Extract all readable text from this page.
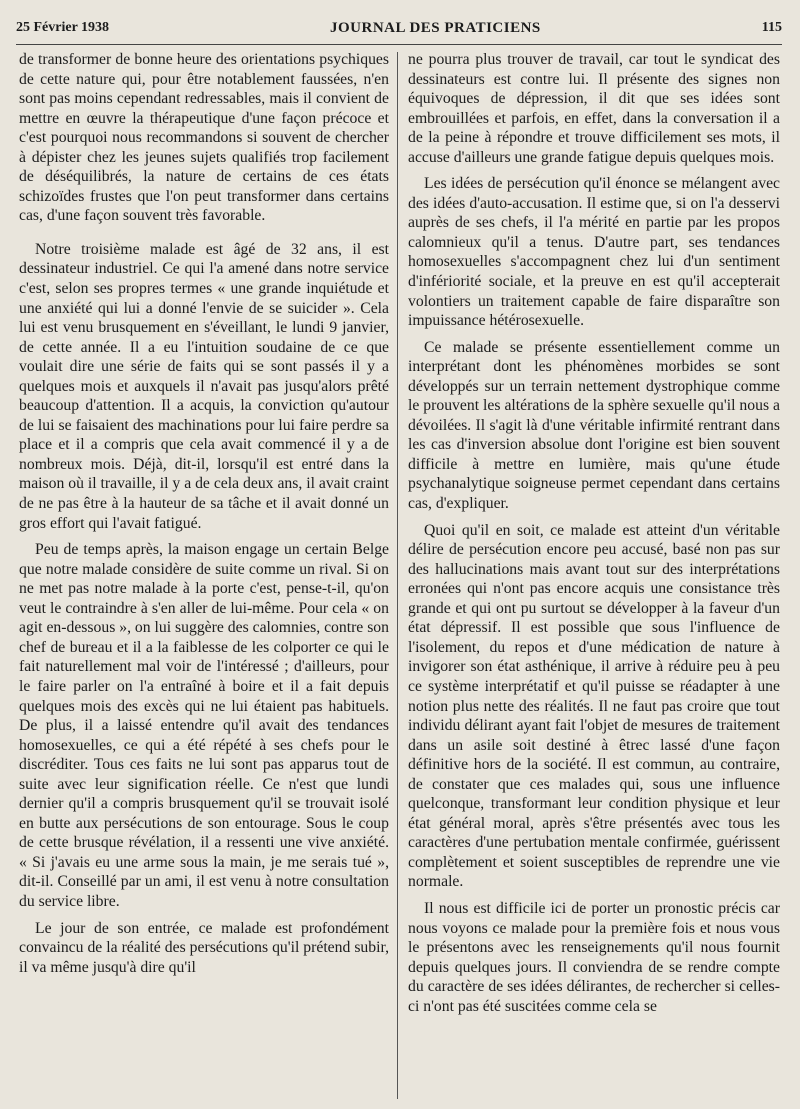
25 Février 1938	JOURNAL DES PRATICIENS	115

de transformer de bonne heure des orientations psychiques de cette nature qui, pour être notablement faussées, n'en sont pas moins cependant redressables, mais il convient de mettre en œuvre la thérapeutique d'une façon précoce et c'est pourquoi nous recommandons si souvent de chercher à dépister chez les jeunes sujets qualifiés trop facilement de déséquilibrés, la nature de certains de ces états schizoïdes frustes que l'on peut transformer dans certains cas, d'une façon souvent très favorable.

Notre troisième malade est âgé de 32 ans, il est dessinateur industriel. Ce qui l'a amené dans notre service c'est, selon ses propres termes « une grande inquiétude et une anxiété qui lui a donné l'envie de se suicider ». Cela lui est venu brusquement en s'éveillant, le lundi 9 janvier, de cette année. Il a eu l'intuition soudaine de ce que voulait dire une série de faits qui se sont passés il y a quelques mois et auxquels il n'avait pas jusqu'alors prêté beaucoup d'attention. Il a acquis, la conviction qu'autour de lui se faisaient des machinations pour lui faire perdre sa place et il a compris que cela avait commencé il y a de nombreux mois. Déjà, dit-il, lorsqu'il est entré dans la maison où il travaille, il y a de cela deux ans, il avait craint de ne pas être à la hauteur de sa tâche et il avait donné un gros effort qui l'avait fatigué.

Peu de temps après, la maison engage un certain Belge que notre malade considère de suite comme un rival. Si on ne met pas notre malade à la porte c'est, pense-t-il, qu'on veut le contraindre à s'en aller de lui-même. Pour cela « on agit en-dessous », on lui suggère des calomnies, contre son chef de bureau et il a la faiblesse de les colporter ce qui le fait naturellement mal voir de l'intéressé ; d'ailleurs, pour le faire parler on l'a entraîné à boire et il a fait depuis quelques mois des excès qui ne lui étaient pas habituels. De plus, il a laissé entendre qu'il avait des tendances homosexuelles, ce qui a été répété à ses chefs pour le discréditer. Tous ces faits ne lui sont pas apparus tout de suite avec leur signification réelle. Ce n'est que lundi dernier qu'il a compris brusquement qu'il se trouvait isolé en butte aux persécutions de son entourage. Sous le coup de cette brusque révélation, il a ressenti une vive anxiété. « Si j'avais eu une arme sous la main, je me serais tué », dit-il. Conseillé par un ami, il est venu à notre consultation du service libre.

Le jour de son entrée, ce malade est profondément convaincu de la réalité des persécutions qu'il prétend subir, il va même jusqu'à dire qu'il

ne pourra plus trouver de travail, car tout le syndicat des dessinateurs est contre lui. Il présente des signes non équivoques de dépression, il dit que ses idées sont embrouillées et parfois, en effet, dans la conversation il a de la peine à répondre et trouve difficilement ses mots, il accuse d'ailleurs une grande fatigue depuis quelques mois.

Les idées de persécution qu'il énonce se mélangent avec des idées d'auto-accusation. Il estime que, si on l'a desservi auprès de ses chefs, il l'a mérité en partie par les propos calomnieux qu'il a tenus. D'autre part, ses tendances homosexuelles s'accompagnent chez lui d'un sentiment d'infériorité sociale, et la preuve en est qu'il accepterait volontiers un traitement capable de faire disparaître son impuissance hétérosexuelle.

Ce malade se présente essentiellement comme un interprétant dont les phénomènes morbides se sont développés sur un terrain nettement dystrophique comme le prouvent les altérations de la sphère sexuelle qu'il nous a dévoilées. Il s'agit là d'une véritable infirmité rentrant dans les cas d'inversion absolue dont l'origine est bien souvent difficile à mettre en lumière, mais qu'une étude psychanalytique soigneuse permet cependant dans certains cas, d'expliquer.

Quoi qu'il en soit, ce malade est atteint d'un véritable délire de persécution encore peu accusé, basé non pas sur des hallucinations mais avant tout sur des interprétations erronées qui n'ont pas encore acquis une consistance très grande et qui ont pu surtout se développer à la faveur d'un état dépressif. Il est possible que sous l'influence de l'isolement, du repos et d'une médication de nature à invigorer son état asthénique, il arrive à réduire peu à peu ce système interprétatif et qu'il puisse se réadapter à une notion plus nette des réalités. Il ne faut pas croire que tout individu délirant ayant fait l'objet de mesures de traitement dans un asile soit destiné à êtrec lassé d'une façon définitive hors de la société. Il est commun, au contraire, de constater que ces malades qui, sous une influence quelconque, transformant leur condition physique et leur état général moral, après s'être présentés avec tous les caractères d'une pertubation mentale confirmée, guérissent complètement et soient susceptibles de reprendre une vie normale.

Il nous est difficile ici de porter un pronostic précis car nous voyons ce malade pour la première fois et nous vous le présentons avec les renseignements qu'il nous fournit depuis quelques jours. Il conviendra de se rendre compte du caractère de ses idées délirantes, de rechercher si celles-ci n'ont pas été suscitées comme cela se
